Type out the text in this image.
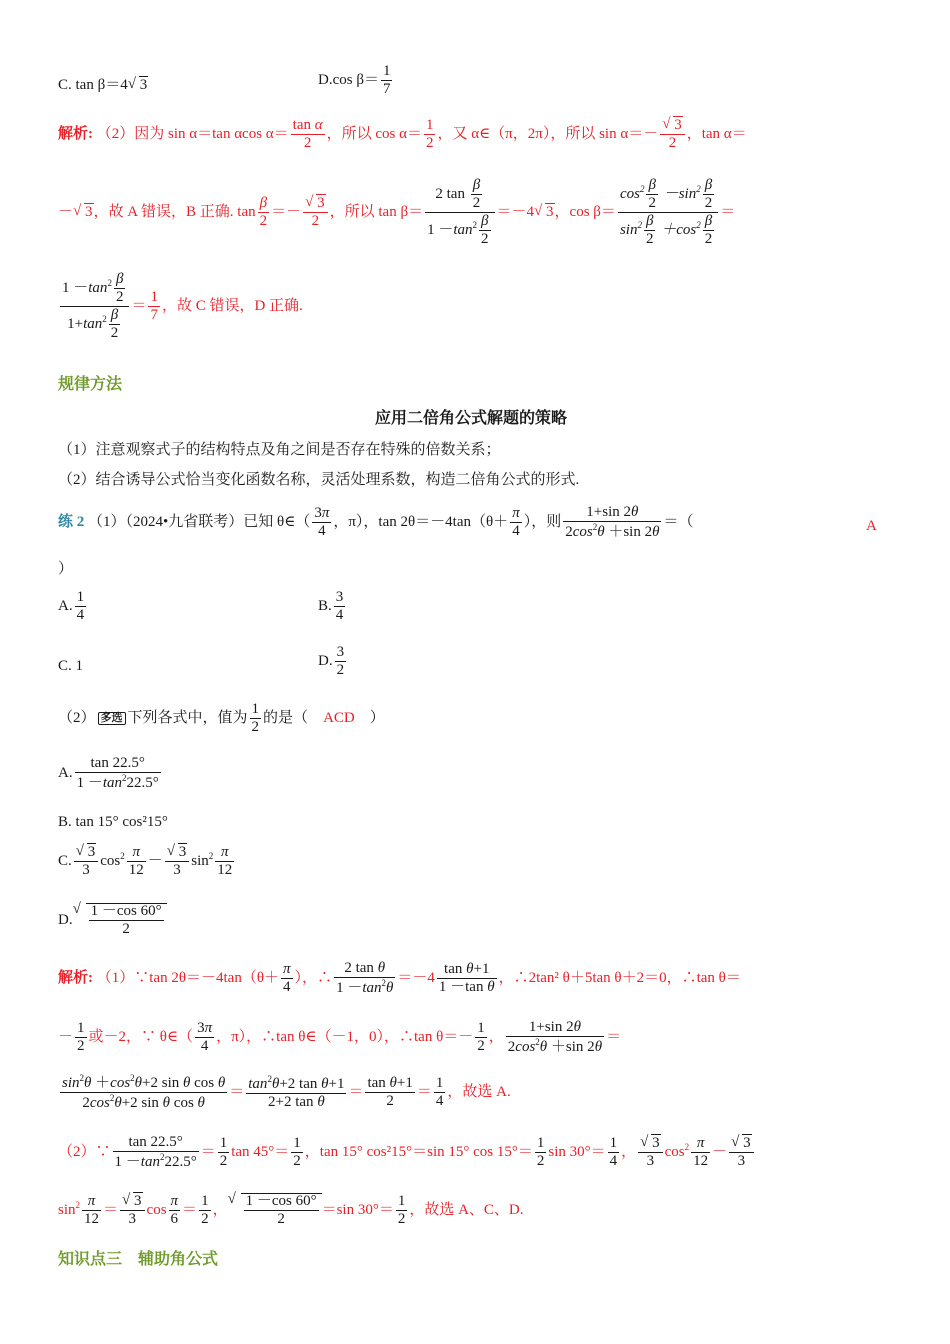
C. tan β＝4√ 3	D.cos $\beta= \frac{1}{7}$
解析: （2）因为 sin α＝tan αcos $\alpha= \frac{\text{tan α}}{2}$ ，所以 $\cos \alpha= \frac{1}{2}$ ，又 α∈（π，2π），所以 sin α＝－
√ $\frac{3}{2}$ ，tan α＝
－√ 3，故 A 错误，B 正确. $\tan \frac{\beta}{2}$ ＝－
√ $\frac{3}{2}$ ，所以 $\tan \beta= \frac{2 \tan \frac{\beta}{2}}{1 -\tan^2 \frac{\beta}{2}} =-4√$ 3，$\cos \beta= \frac{\cos^2 \frac{\beta}{2} -\sin^2 \frac{\beta}{2}}{\sin^2 \frac{\beta}{2} +\cos^2 \frac{\beta}{2}}$ ＝
$\frac{1 -\tan^2 \frac{\beta}{2}}{1+\tan^2 \frac{\beta}{2}} = \frac{1}{7}$ ，故 C 错误，D 正确.
规律方法
应用二倍角公式解题的策略
（1）注意观察式子的结构特点及角之间是否存在特殊的倍数关系；
（2）结合诱导公式恰当变化函数名称，灵活处理系数，构造二倍角公式的形式.
练 2 （1）（2024•九省联考）已知 θ∈（ $\frac{3\pi}{4}$ ，π），$\tan 2\theta=-4\tan(\theta+ \frac{\pi}{4}$ ），则 $\frac{1+\sin 2\theta}{2\cos^2\theta +\sin 2\theta}$ ＝（	A
）
A. $\frac{1}{4}$	B. $\frac{3}{4}$
C. 1	D. $\frac{3}{2}$
（2） 多选 下列各式中，值为 $\frac{1}{2}$ 的是（　 ACD　 ）
A. $\frac{\tan 22.5^\circ}{1 -\tan^222.5^\circ}$
B. tan 15° cos²15°
C.
√ $\frac{3}{3} \cos^2 \frac{\pi}{12}$ －
√ $\frac{3}{3} \sin^2 \frac{\pi}{12}$
D.
√ $\frac{1 -\cos 60^\circ}{2}$
解析: （1）∵tan $2\theta=-4\tan(\theta+ \frac{\pi}{4}$ ），∴ $\frac{\text{2 tan θ}}{1 -\tan^2\theta} =-4 \frac{\text{tan θ+1}}{\text{1 －tan θ}}$ ，∴2tan² θ＋5tan θ＋2＝0，∴tan θ＝
－ $\frac{1}{2}$ 或－2，∵ θ∈（ $\frac{3\pi}{4}$ ，π），∴tan θ∈（－1，0），∴tan $\theta=- \frac{1}{2}$ ， $\frac{1+\sin 2\theta}{2\cos^2\theta +\sin 2\theta}$ ＝
$\frac{\sin^2\theta +\cos^2\theta+2 \sin \theta \cos \theta}{2\cos^2\theta+2 \sin \theta \cos \theta} = \frac{\tan^2\theta+2 \tan \theta+1}{\text{2+2 tan θ}} = \frac{\text{tan θ+1}}{2} = \frac{1}{4}$ ，故选 A.
（2）∵ $\frac{\tan 22.5^\circ}{1 -\tan^222.5^\circ} = \frac{1}{2}$ $\tan 45^\circ= \frac{1}{2}$ ，tan 15° cos²15°＝sin 15° $\cos 15^\circ= \frac{1}{2}$ $\sin 30^\circ= \frac{1}{4}$ ，
√ $\frac{3}{3} \cos^2 \frac{\pi}{12}$ －
√ $\frac{3}{3}$
$\sin^2 \frac{\pi}{12}$ ＝
√ $\frac{3}{3}$ $\cos \frac{\pi}{6} = \frac{1}{2}$ ，
√ $\frac{1 -\cos 60^\circ}{2} =\sin$ $30^\circ= \frac{1}{2}$ ，故选 A、C、D.
知识点三　辅助角公式
